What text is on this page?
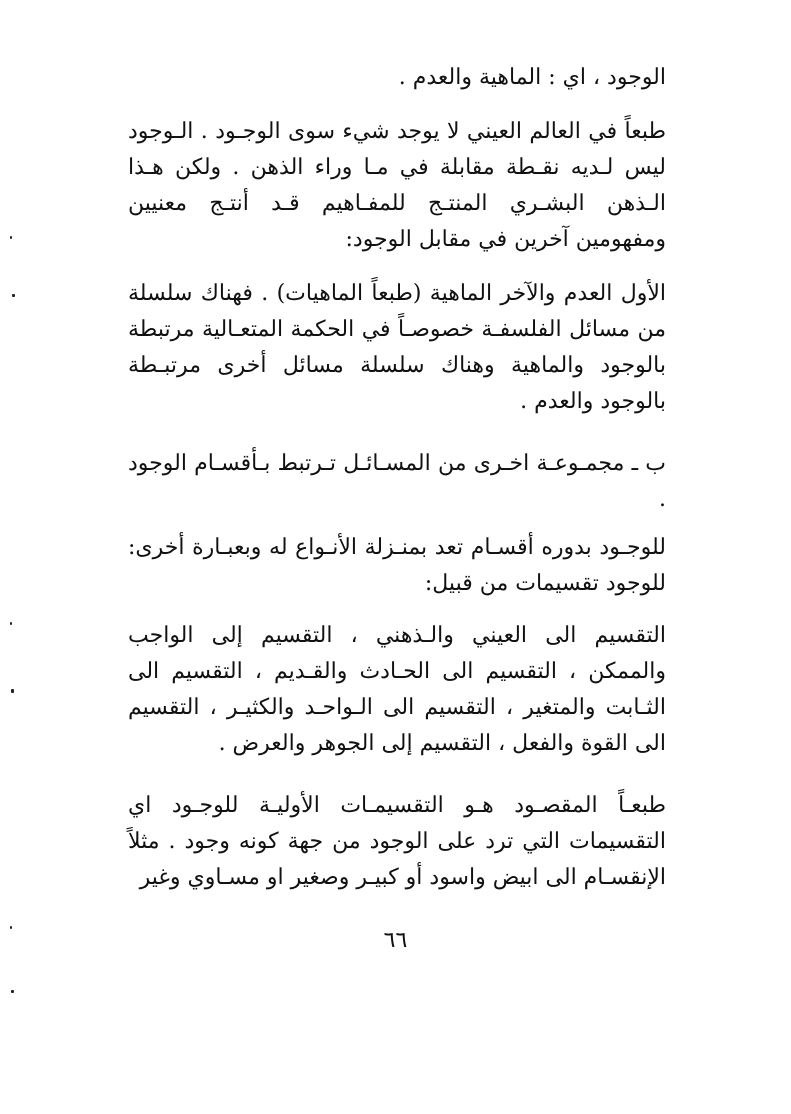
الوجود ، اي : الماهية والعدم .

طبعاً في العالم العيني لا يوجد شيء سوى الوجـود . الـوجود ليس لـديه نقـطة مقابلة في مـا وراء الذهن . ولكن هـذا الـذهن البشـري المنتـج للمفـاهيم قـد أنتـج معنيين ومفهومين آخرين في مقابل الوجود:

الأول العدم والآخر الماهية (طبعاً الماهيات) . فهناك سلسلة من مسائل الفلسفـة خصوصـاً في الحكمة المتعـالية مرتبطة بالوجود والماهية وهناك سلسلة مسائل أخرى مرتبـطة بالوجود والعدم .

ب ـ مجمـوعـة اخـرى من المسـائـل تـرتبط بـأقسـام الوجود .

للوجـود بدوره أقسـام تعد بمنـزلة الأنـواع له وبعبـارة أخرى: للوجود تقسيمات من قبيل:

التقسيم الى العيني والـذهني ، التقسيم إلى الواجب والممكن ، التقسيم الى الحـادث والقـديم ، التقسيم الى الثـابت والمتغير ، التقسيم الى الـواحـد والكثيـر ، التقسيم الى القوة والفعل ، التقسيم إلى الجوهر والعرض .

طبعـاً المقصـود هـو التقسيمـات الأوليـة للوجـود اي التقسيمات التي ترد على الوجود من جهة كونه وجود . مثلاً الإنقسـام الى ابيض واسود أو كبيـر وصغير او مسـاوي وغير

٦٦
